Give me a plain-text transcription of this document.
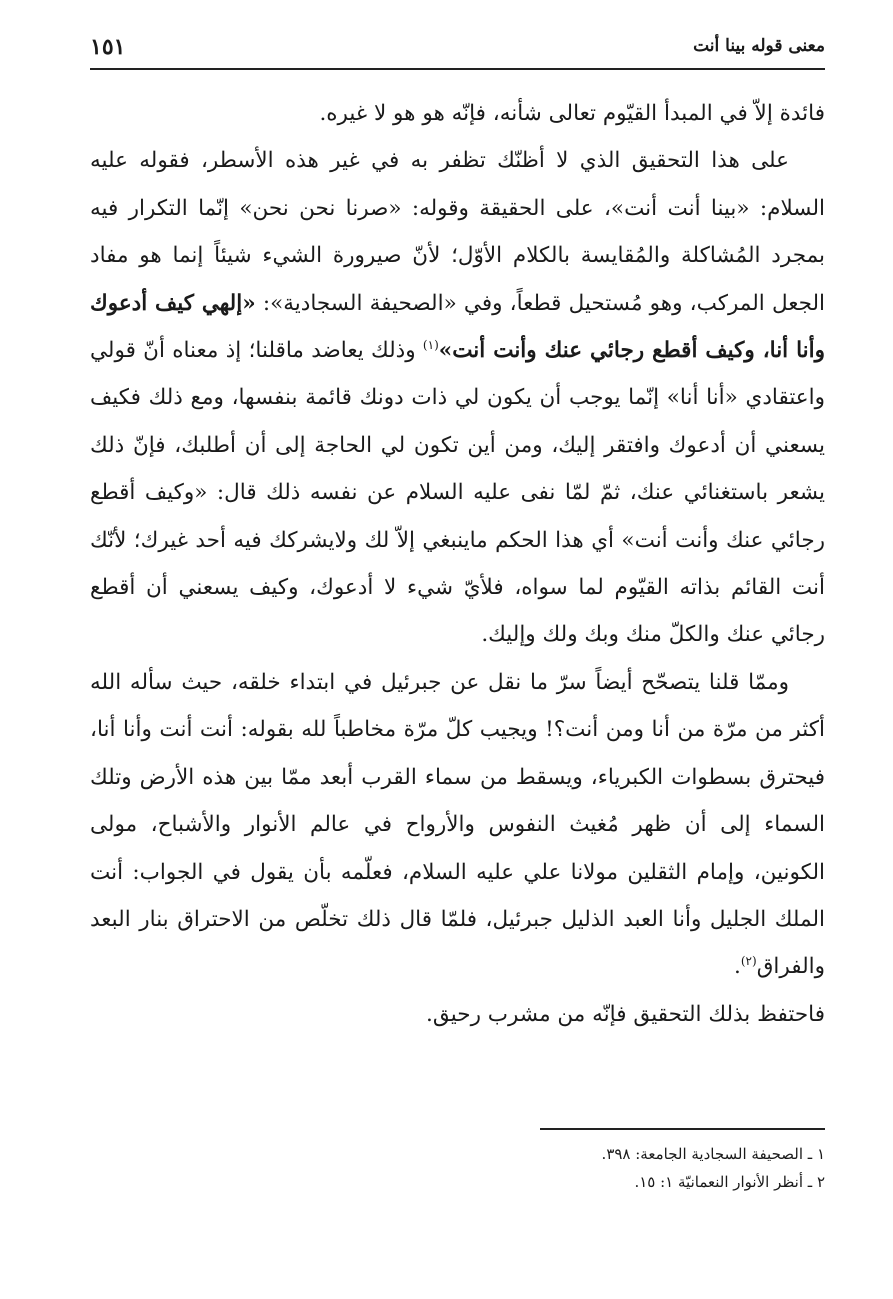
معنى قوله بينا أنت
١٥١

فائدة إلاّ في المبدأ القيّوم تعالى شأنه، فإنّه هو هو لا غيره.

على هذا التحقيق الذي لا أظنّك تظفر به في غير هذه الأسطر، فقوله عليه السلام: «بينا أنت أنت»، على الحقيقة وقوله: «صرنا نحن نحن» إنّما التكرار فيه بمجرد المُشاكلة والمُقايسة بالكلام الأوّل؛ لأنّ صيرورة الشيء شيئاً إنما هو مفاد الجعل المركب، وهو مُستحيل قطعاً، وفي «الصحيفة السجادية»: «إلهي كيف أدعوك وأنا أنا، وكيف أقطع رجائي عنك وأنت أنت»$^{(١)}$ وذلك يعاضد ماقلنا؛ إذ معناه أنّ قولي واعتقادي «أنا أنا» إنّما يوجب أن يكون لي ذات دونك قائمة بنفسها، ومع ذلك فكيف يسعني أن أدعوك وافتقر إليك، ومن أين تكون لي الحاجة إلى أن أطلبك، فإنّ ذلك يشعر باستغنائي عنك، ثمّ لمّا نفى عليه السلام عن نفسه ذلك قال: «وكيف أقطع رجائي عنك وأنت أنت» أي هذا الحكم ماينبغي إلاّ لك ولايشركك فيه أحد غيرك؛ لأنّك أنت القائم بذاته القيّوم لما سواه، فلأيّ شيء لا أدعوك، وكيف يسعني أن أقطع رجائي عنك والكلّ منك وبك ولك وإليك.

وممّا قلنا يتصحّح أيضاً سرّ ما نقل عن جبرئيل في ابتداء خلقه، حيث سأله الله أكثر من مرّة من أنا ومن أنت؟! ويجيب كلّ مرّة مخاطباً لله بقوله: أنت أنت وأنا أنا، فيحترق بسطوات الكبرياء، ويسقط من سماء القرب أبعد ممّا بين هذه الأرض وتلك السماء إلى أن ظهر مُغيث النفوس والأرواح في عالم الأنوار والأشباح، مولى الكونين، وإمام الثقلين مولانا علي عليه السلام، فعلّمه بأن يقول في الجواب: أنت الملك الجليل وأنا العبد الذليل جبرئيل، فلمّا قال ذلك تخلّص من الاحتراق بنار البعد والفراق$^{(٢)}$.

فاحتفظ بذلك التحقيق فإنّه من مشرب رحيق.

١ ـ الصحيفة السجادية الجامعة: ٣٩٨.

٢ ـ أنظر الأنوار النعمانيّة ١: ١٥.
